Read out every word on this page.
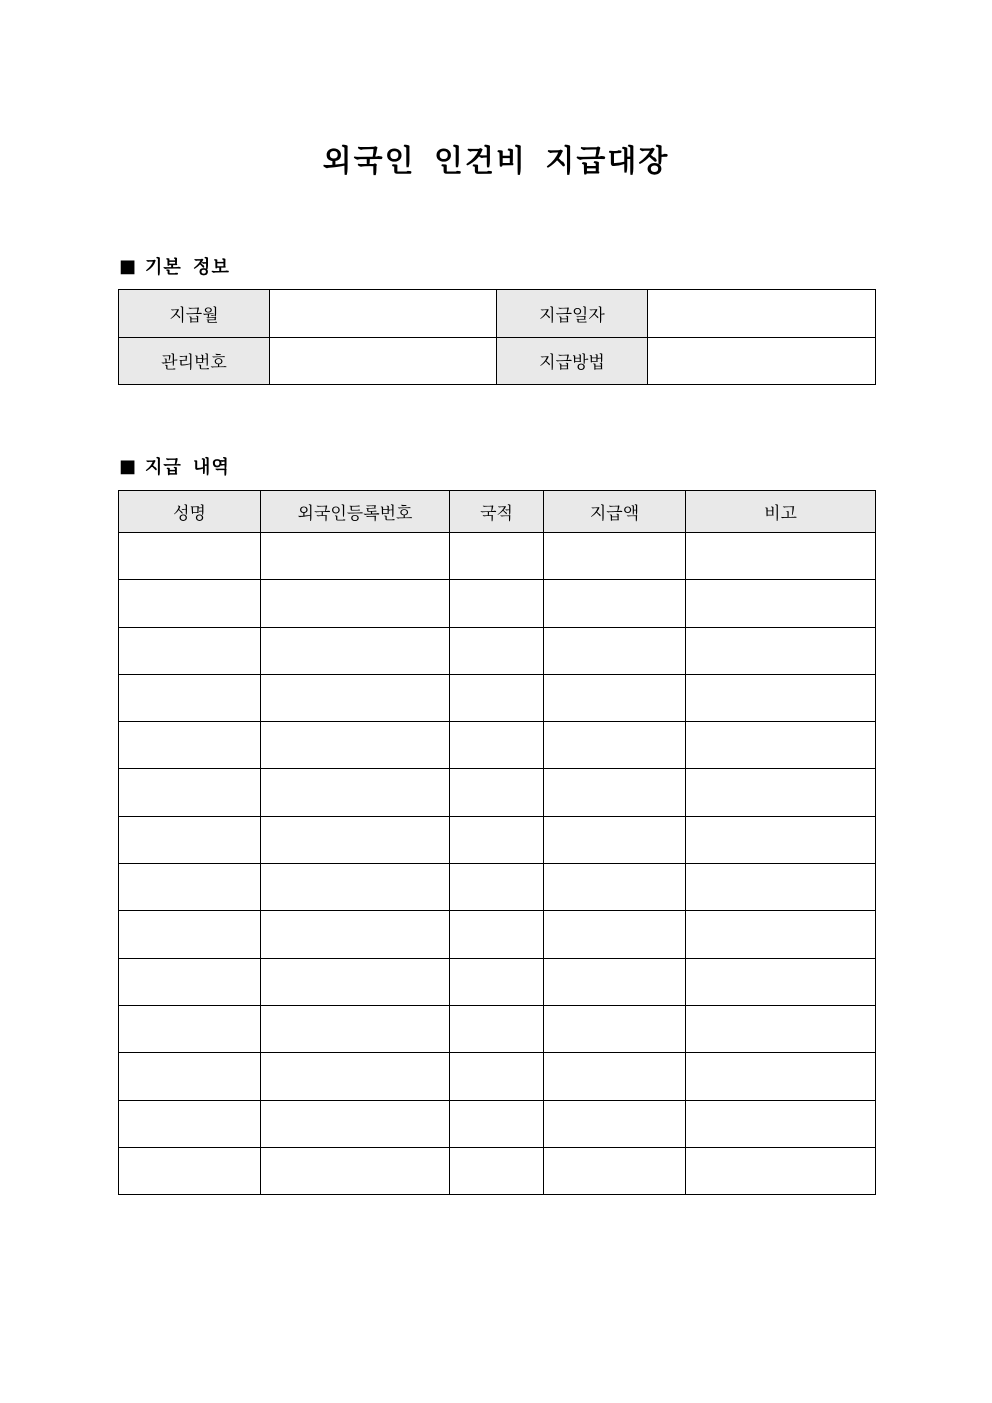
외국인 인건비 지급대장
■ 기본 정보
지급월		지급일자	
관리번호		지급방법	
■ 지급 내역
성명	외국인등록번호	국적	지급액	비고
